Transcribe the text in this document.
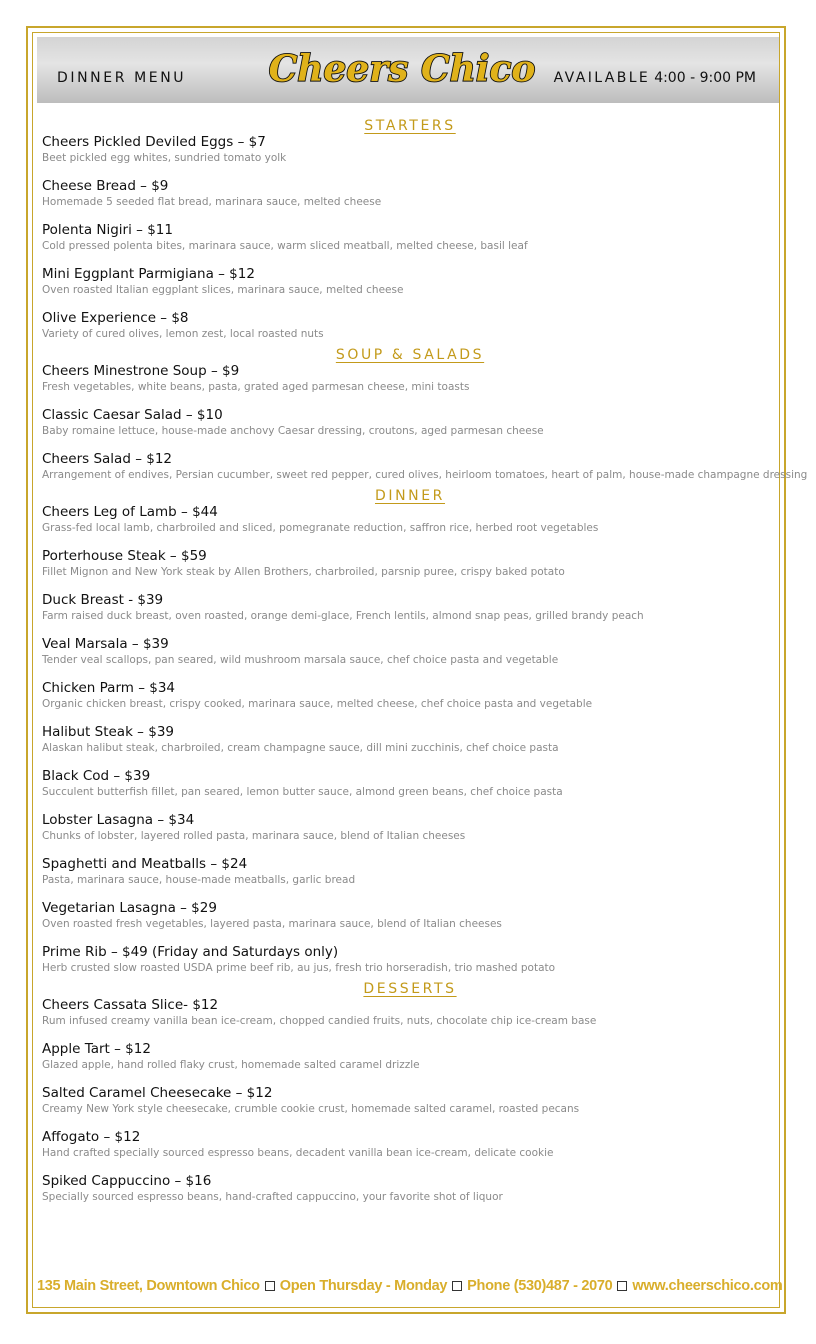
DINNER MENU Cheers Chico AVAILABLE 4:00 - 9:00 PM
STARTERS
Cheers Pickled Deviled Eggs – $7
Beet pickled egg whites, sundried tomato yolk
Cheese Bread – $9
Homemade 5 seeded flat bread, marinara sauce, melted cheese
Polenta Nigiri – $11
Cold pressed polenta bites, marinara sauce, warm sliced meatball, melted cheese, basil leaf
Mini Eggplant Parmigiana – $12
Oven roasted Italian eggplant slices, marinara sauce, melted cheese
Olive Experience – $8
Variety of cured olives, lemon zest, local roasted nuts
SOUP & SALADS
Cheers Minestrone Soup – $9
Fresh vegetables, white beans, pasta, grated aged parmesan cheese, mini toasts
Classic Caesar Salad – $10
Baby romaine lettuce, house-made anchovy Caesar dressing, croutons, aged parmesan cheese
Cheers Salad – $12
Arrangement of endives, Persian cucumber, sweet red pepper, cured olives, heirloom tomatoes, heart of palm, house-made champagne dressing
DINNER
Cheers Leg of Lamb – $44
Grass-fed local lamb, charbroiled and sliced, pomegranate reduction, saffron rice, herbed root vegetables
Porterhouse Steak – $59
Fillet Mignon and New York steak by Allen Brothers, charbroiled, parsnip puree, crispy baked potato
Duck Breast - $39
Farm raised duck breast, oven roasted, orange demi-glace, French lentils, almond snap peas, grilled brandy peach
Veal Marsala – $39
Tender veal scallops, pan seared, wild mushroom marsala sauce, chef choice pasta and vegetable
Chicken Parm – $34
Organic chicken breast, crispy cooked, marinara sauce, melted cheese, chef choice pasta and vegetable
Halibut Steak – $39
Alaskan halibut steak, charbroiled, cream champagne sauce, dill mini zucchinis, chef choice pasta
Black Cod – $39
Succulent butterfish fillet, pan seared, lemon butter sauce, almond green beans, chef choice pasta
Lobster Lasagna – $34
Chunks of lobster, layered rolled pasta, marinara sauce, blend of Italian cheeses
Spaghetti and Meatballs – $24
Pasta, marinara sauce, house-made meatballs, garlic bread
Vegetarian Lasagna – $29
Oven roasted fresh vegetables, layered pasta, marinara sauce, blend of Italian cheeses
Prime Rib – $49 (Friday and Saturdays only)
Herb crusted slow roasted USDA prime beef rib, au jus, fresh trio horseradish, trio mashed potato
DESSERTS
Cheers Cassata Slice- $12
Rum infused creamy vanilla bean ice-cream, chopped candied fruits, nuts, chocolate chip ice-cream base
Apple Tart – $12
Glazed apple, hand rolled flaky crust, homemade salted caramel drizzle
Salted Caramel Cheesecake – $12
Creamy New York style cheesecake, crumble cookie crust, homemade salted caramel, roasted pecans
Affogato – $12
Hand crafted specially sourced espresso beans, decadent vanilla bean ice-cream, delicate cookie
Spiked Cappuccino – $16
Specially sourced espresso beans, hand-crafted cappuccino, your favorite shot of liquor
135 Main Street, Downtown Chico Open Thursday - Monday Phone (530)487 - 2070 www.cheerschico.com
